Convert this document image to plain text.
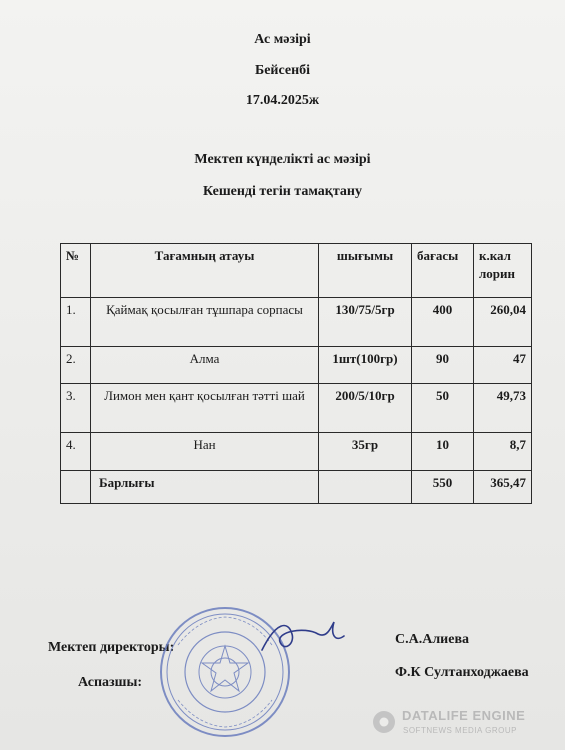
Ас мәзірі
Бейсенбі
17.04.2025ж
Мектеп күнделікті ас мәзірі
Кешенді тегін тамақтану
№	Тағамның атауы	шығымы	бағасы	к.кал лорин
1.	Қаймақ қосылған тұшпара сорпасы	130/75/5гр	400	260,04
2.	Алма	1шт(100гр)	90	47
3.	Лимон мен қант қосылған тәтті шай	200/5/10гр	50	49,73
4.	Нан	35гр	10	8,7
	Барлығы		550	365,47
Мектеп директоры:
Аспазшы:
С.А.Алиева
Ф.К Султанходжаева
DATALIFE ENGINE
SOFTNEWS MEDIA GROUP
